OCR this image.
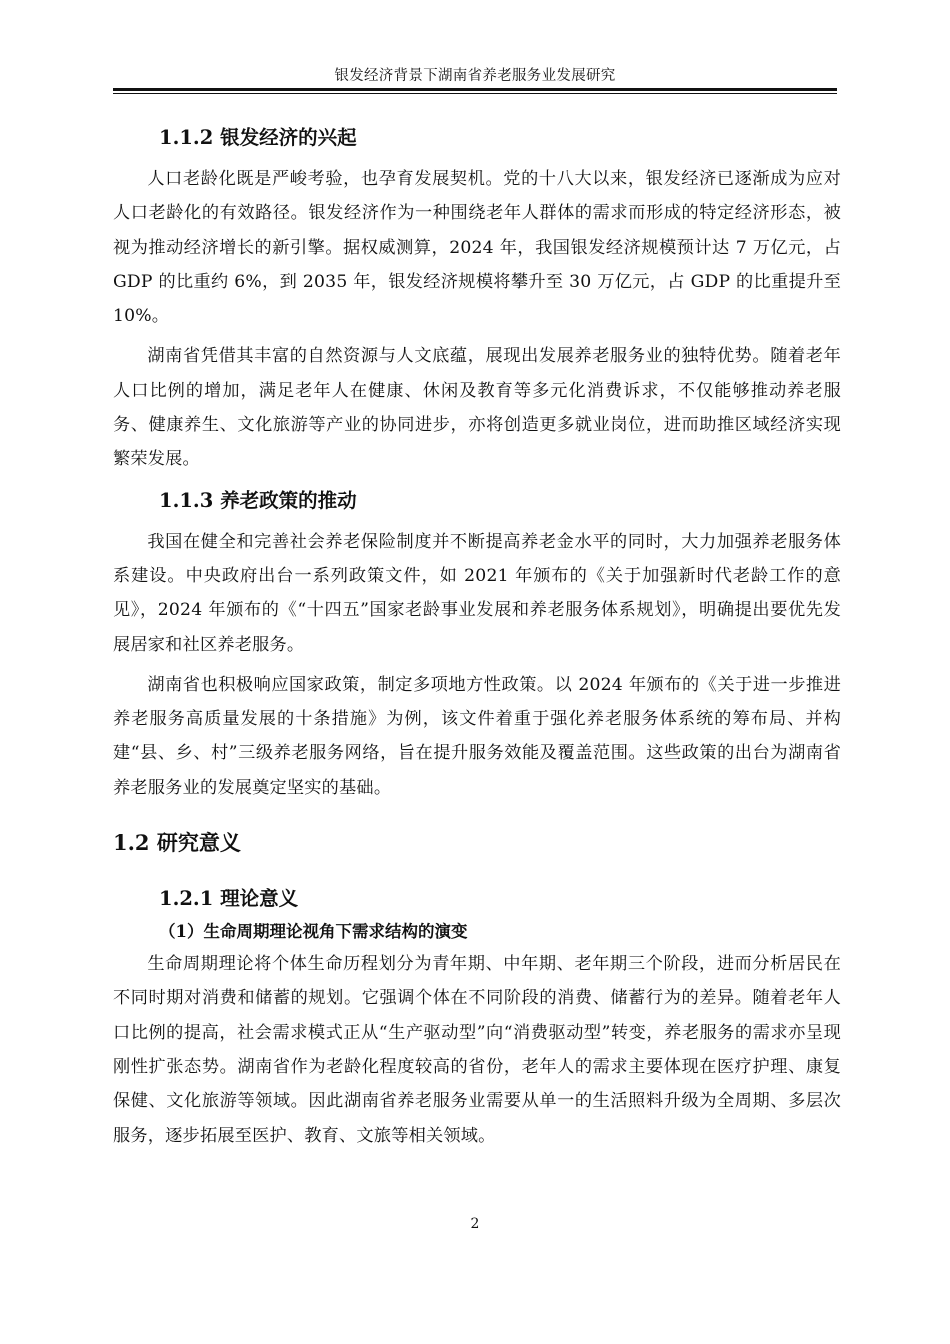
银发经济背景下湖南省养老服务业发展研究
1.1.2 银发经济的兴起

人口老龄化既是严峻考验，也孕育发展契机。党的十八大以来，银发经济已逐渐成为应对人口老龄化的有效路径。银发经济作为一种围绕老年人群体的需求而形成的特定经济形态，被视为推动经济增长的新引擎。据权威测算，2024 年，我国银发经济规模预计达 7 万亿元，占 GDP 的比重约 6%，到 2035 年，银发经济规模将攀升至 30 万亿元，占 GDP 的比重提升至 10%。

湖南省凭借其丰富的自然资源与人文底蕴，展现出发展养老服务业的独特优势。随着老年人口比例的增加，满足老年人在健康、休闲及教育等多元化消费诉求，不仅能够推动养老服务、健康养生、文化旅游等产业的协同进步，亦将创造更多就业岗位，进而助推区域经济实现繁荣发展。

1.1.3 养老政策的推动

我国在健全和完善社会养老保险制度并不断提高养老金水平的同时，大力加强养老服务体系建设。中央政府出台一系列政策文件，如 2021 年颁布的《关于加强新时代老龄工作的意见》，2024 年颁布的《“十四五”国家老龄事业发展和养老服务体系规划》，明确提出要优先发展居家和社区养老服务。

湖南省也积极响应国家政策，制定多项地方性政策。以 2024 年颁布的《关于进一步推进养老服务高质量发展的十条措施》为例，该文件着重于强化养老服务体系统的筹布局、并构建“县、乡、村”三级养老服务网络，旨在提升服务效能及覆盖范围。这些政策的出台为湖南省养老服务业的发展奠定坚实的基础。

1.2 研究意义
1.2.1 理论意义
（1）生命周期理论视角下需求结构的演变

生命周期理论将个体生命历程划分为青年期、中年期、老年期三个阶段，进而分析居民在不同时期对消费和储蓄的规划。它强调个体在不同阶段的消费、储蓄行为的差异。随着老年人口比例的提高，社会需求模式正从“生产驱动型”向“消费驱动型”转变，养老服务的需求亦呈现刚性扩张态势。湖南省作为老龄化程度较高的省份，老年人的需求主要体现在医疗护理、康复保健、文化旅游等领域。因此湖南省养老服务业需要从单一的生活照料升级为全周期、多层次服务，逐步拓展至医护、教育、文旅等相关领域。

2
